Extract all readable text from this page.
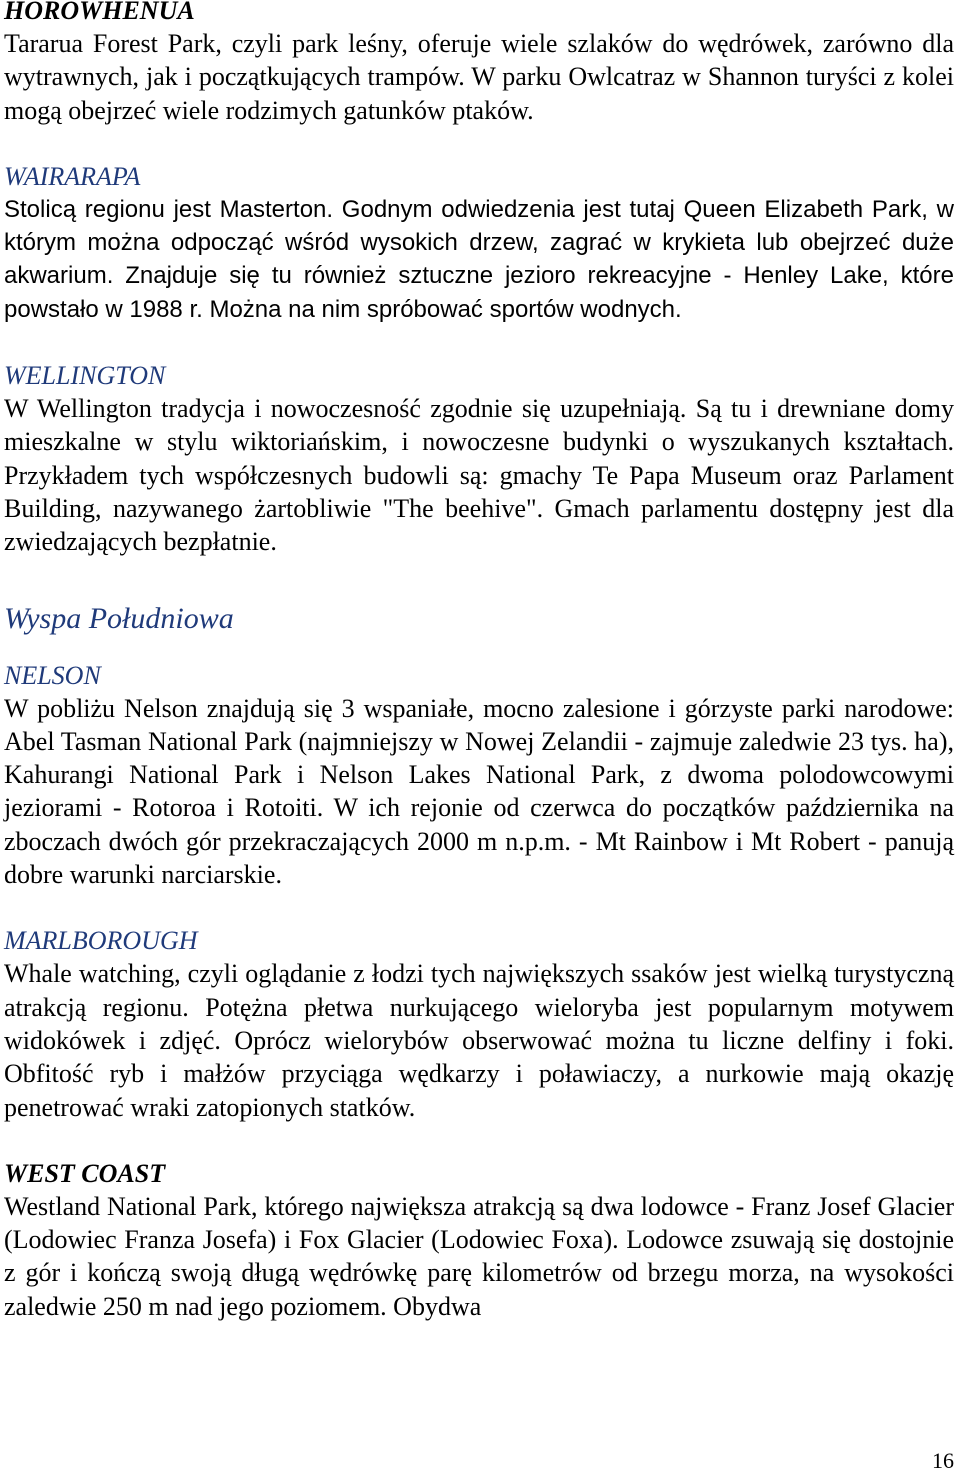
HOROWHENUA

Tararua Forest Park, czyli park leśny, oferuje wiele szlaków do wędrówek, zarówno dla wytrawnych, jak i początkujących trampów. W parku Owlcatraz w Shannon turyści z kolei mogą obejrzeć wiele rodzimych gatunków ptaków.

WAIRARAPA

Stolicą regionu jest Masterton. Godnym odwiedzenia jest tutaj Queen Elizabeth Park, w którym można odpocząć wśród wysokich drzew, zagrać w krykieta lub obejrzeć duże akwarium. Znajduje się tu również sztuczne jezioro rekreacyjne - Henley Lake, które powstało w 1988 r. Można na nim spróbować sportów wodnych.

WELLINGTON

W Wellington tradycja i nowoczesność zgodnie się uzupełniają. Są tu i drewniane domy mieszkalne w stylu wiktoriańskim, i nowoczesne budynki o wyszukanych kształtach. Przykładem tych współczesnych budowli są: gmachy Te Papa Museum oraz Parlament Building, nazywanego żartobliwie "The beehive". Gmach parlamentu dostępny jest dla zwiedzających bezpłatnie.

Wyspa Południowa
NELSON

W pobliżu Nelson znajdują się 3 wspaniałe, mocno zalesione i górzyste parki narodowe: Abel Tasman National Park (najmniejszy w Nowej Zelandii - zajmuje zaledwie 23 tys. ha), Kahurangi National Park i Nelson Lakes National Park, z dwoma polodowcowymi jeziorami - Rotoroa i Rotoiti. W ich rejonie od czerwca do początków października na zboczach dwóch gór przekraczających 2000 m n.p.m. - Mt Rainbow i Mt Robert - panują dobre warunki narciarskie.

MARLBOROUGH

Whale watching, czyli oglądanie z łodzi tych największych ssaków jest wielką turystyczną atrakcją regionu. Potężna płetwa nurkującego wieloryba jest popularnym motywem widokówek i zdjęć. Oprócz wielorybów obserwować można tu liczne delfiny i foki. Obfitość ryb i małżów przyciąga wędkarzy i poławiaczy, a nurkowie mają okazję penetrować wraki zatopionych statków.

WEST COAST

Westland National Park, którego największa atrakcją są dwa lodowce - Franz Josef Glacier (Lodowiec Franza Josefa) i Fox Glacier (Lodowiec Foxa). Lodowce zsuwają się dostojnie z gór i kończą swoją długą wędrówkę parę kilometrów od brzegu morza, na wysokości zaledwie 250 m nad jego poziomem. Obydwa

16
